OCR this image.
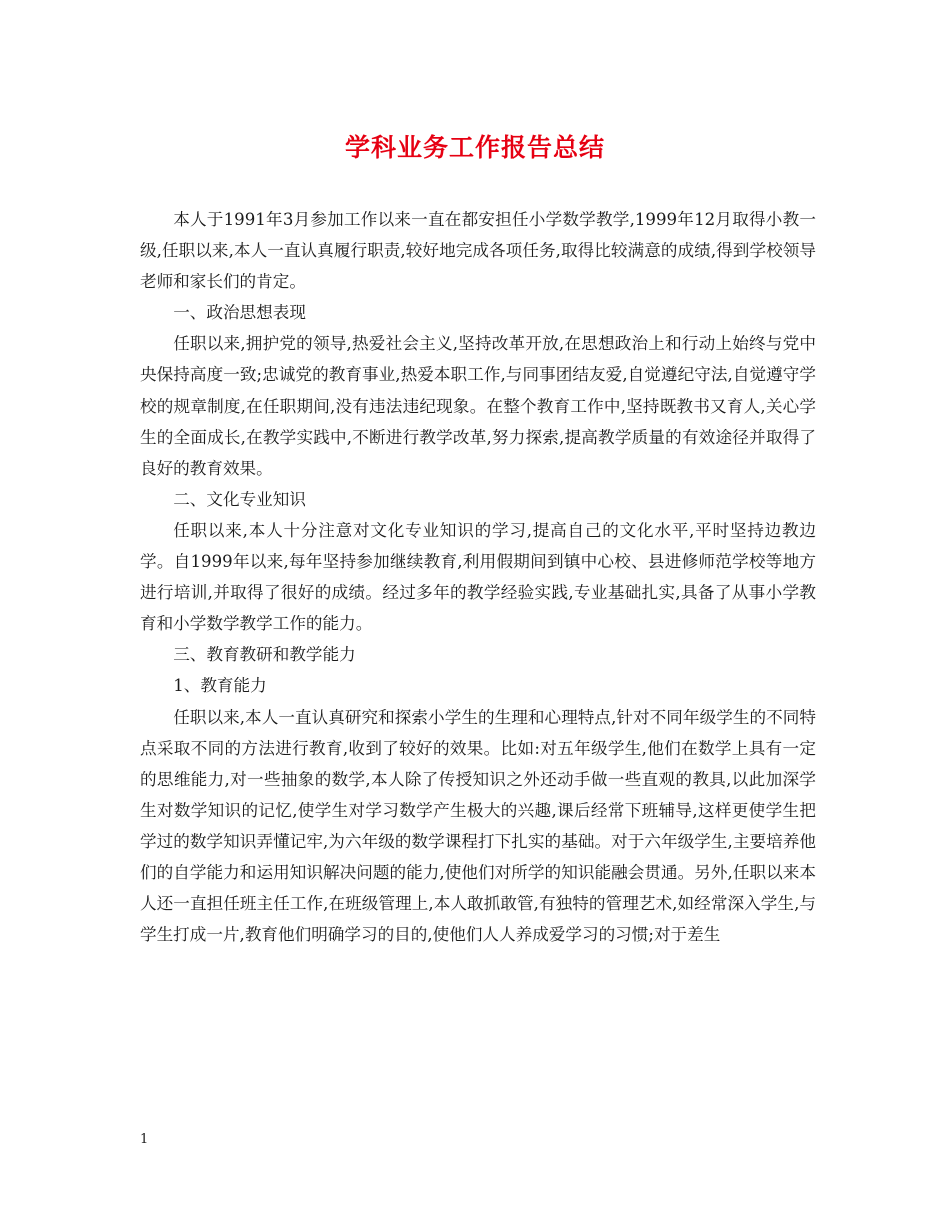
学科业务工作报告总结

本人于1991年3月参加工作以来一直在都安担任小学数学教学,1999年12月取得小教一级,任职以来,本人一直认真履行职责,较好地完成各项任务,取得比较满意的成绩,得到学校领导老师和家长们的肯定。

一、政治思想表现

任职以来,拥护党的领导,热爱社会主义,坚持改革开放,在思想政治上和行动上始终与党中央保持高度一致;忠诚党的教育事业,热爱本职工作,与同事团结友爱,自觉遵纪守法,自觉遵守学校的规章制度,在任职期间,没有违法违纪现象。在整个教育工作中,坚持既教书又育人,关心学生的全面成长,在教学实践中,不断进行教学改革,努力探索,提高教学质量的有效途径并取得了良好的教育效果。

二、文化专业知识

任职以来,本人十分注意对文化专业知识的学习,提高自己的文化水平,平时坚持边教边学。自1999年以来,每年坚持参加继续教育,利用假期间到镇中心校、县进修师范学校等地方进行培训,并取得了很好的成绩。经过多年的教学经验实践,专业基础扎实,具备了从事小学教育和小学数学教学工作的能力。

三、教育教研和教学能力

1、教育能力

任职以来,本人一直认真研究和探索小学生的生理和心理特点,针对不同年级学生的不同特点采取不同的方法进行教育,收到了较好的效果。比如:对五年级学生,他们在数学上具有一定的思维能力,对一些抽象的数学,本人除了传授知识之外还动手做一些直观的教具,以此加深学生对数学知识的记忆,使学生对学习数学产生极大的兴趣,课后经常下班辅导,这样更使学生把学过的数学知识弄懂记牢,为六年级的数学课程打下扎实的基础。对于六年级学生,主要培养他们的自学能力和运用知识解决问题的能力,使他们对所学的知识能融会贯通。另外,任职以来本人还一直担任班主任工作,在班级管理上,本人敢抓敢管,有独特的管理艺术,如经常深入学生,与学生打成一片,教育他们明确学习的目的,使他们人人养成爱学习的习惯;对于差生

1
